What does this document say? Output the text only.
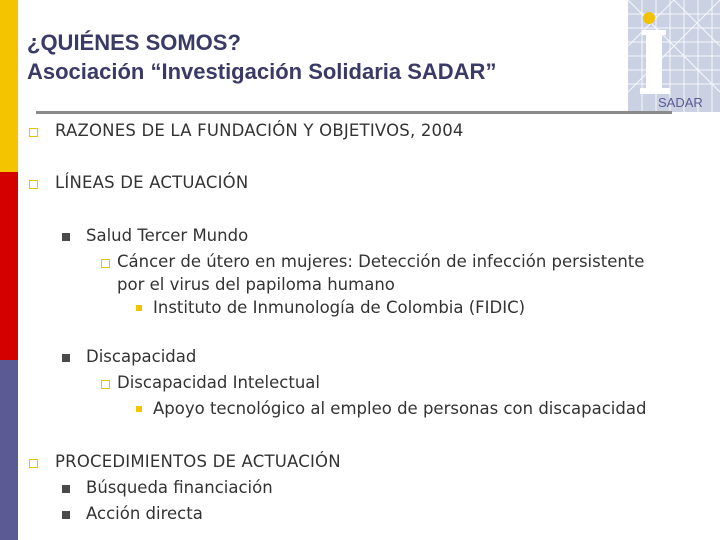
¿QUIÉNES SOMOS?
Asociación “Investigación Solidaria SADAR”
SADAR
RAZONES DE LA FUNDACIÓN Y OBJETIVOS, 2004
LÍNEAS DE ACTUACIÓN
Salud Tercer Mundo
Cáncer de útero en mujeres: Detección de infección persistente
por el virus del papiloma humano
Instituto de Inmunología de Colombia (FIDIC)
Discapacidad
Discapacidad Intelectual
Apoyo tecnológico al empleo de personas con discapacidad
PROCEDIMIENTOS DE ACTUACIÓN
Búsqueda financiación
Acción directa
